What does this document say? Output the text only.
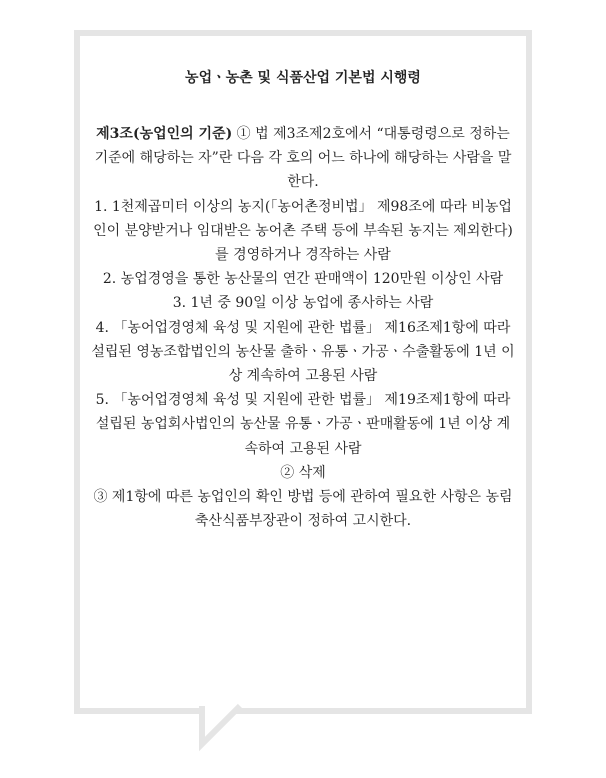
농업ㆍ농촌 및 식품산업 기본법 시행령

제3조(농업인의 기준) ① 법 제3조제2호에서 “대통령령으로 정하는 기준에 해당하는 자”란 다음 각 호의 어느 하나에 해당하는 사람을 말한다.

1. 1천제곱미터 이상의 농지(「농어촌정비법」 제98조에 따라 비농업인이 분양받거나 임대받은 농어촌 주택 등에 부속된 농지는 제외한다)를 경영하거나 경작하는 사람

2. 농업경영을 통한 농산물의 연간 판매액이 120만원 이상인 사람

3. 1년 중 90일 이상 농업에 종사하는 사람

4. 「농어업경영체 육성 및 지원에 관한 법률」 제16조제1항에 따라 설립된 영농조합법인의 농산물 출하ㆍ유통ㆍ가공ㆍ수출활동에 1년 이상 계속하여 고용된 사람

5. 「농어업경영체 육성 및 지원에 관한 법률」 제19조제1항에 따라 설립된 농업회사법인의 농산물 유통ㆍ가공ㆍ판매활동에 1년 이상 계속하여 고용된 사람

② 삭제

③ 제1항에 따른 농업인의 확인 방법 등에 관하여 필요한 사항은 농림축산식품부장관이 정하여 고시한다.
